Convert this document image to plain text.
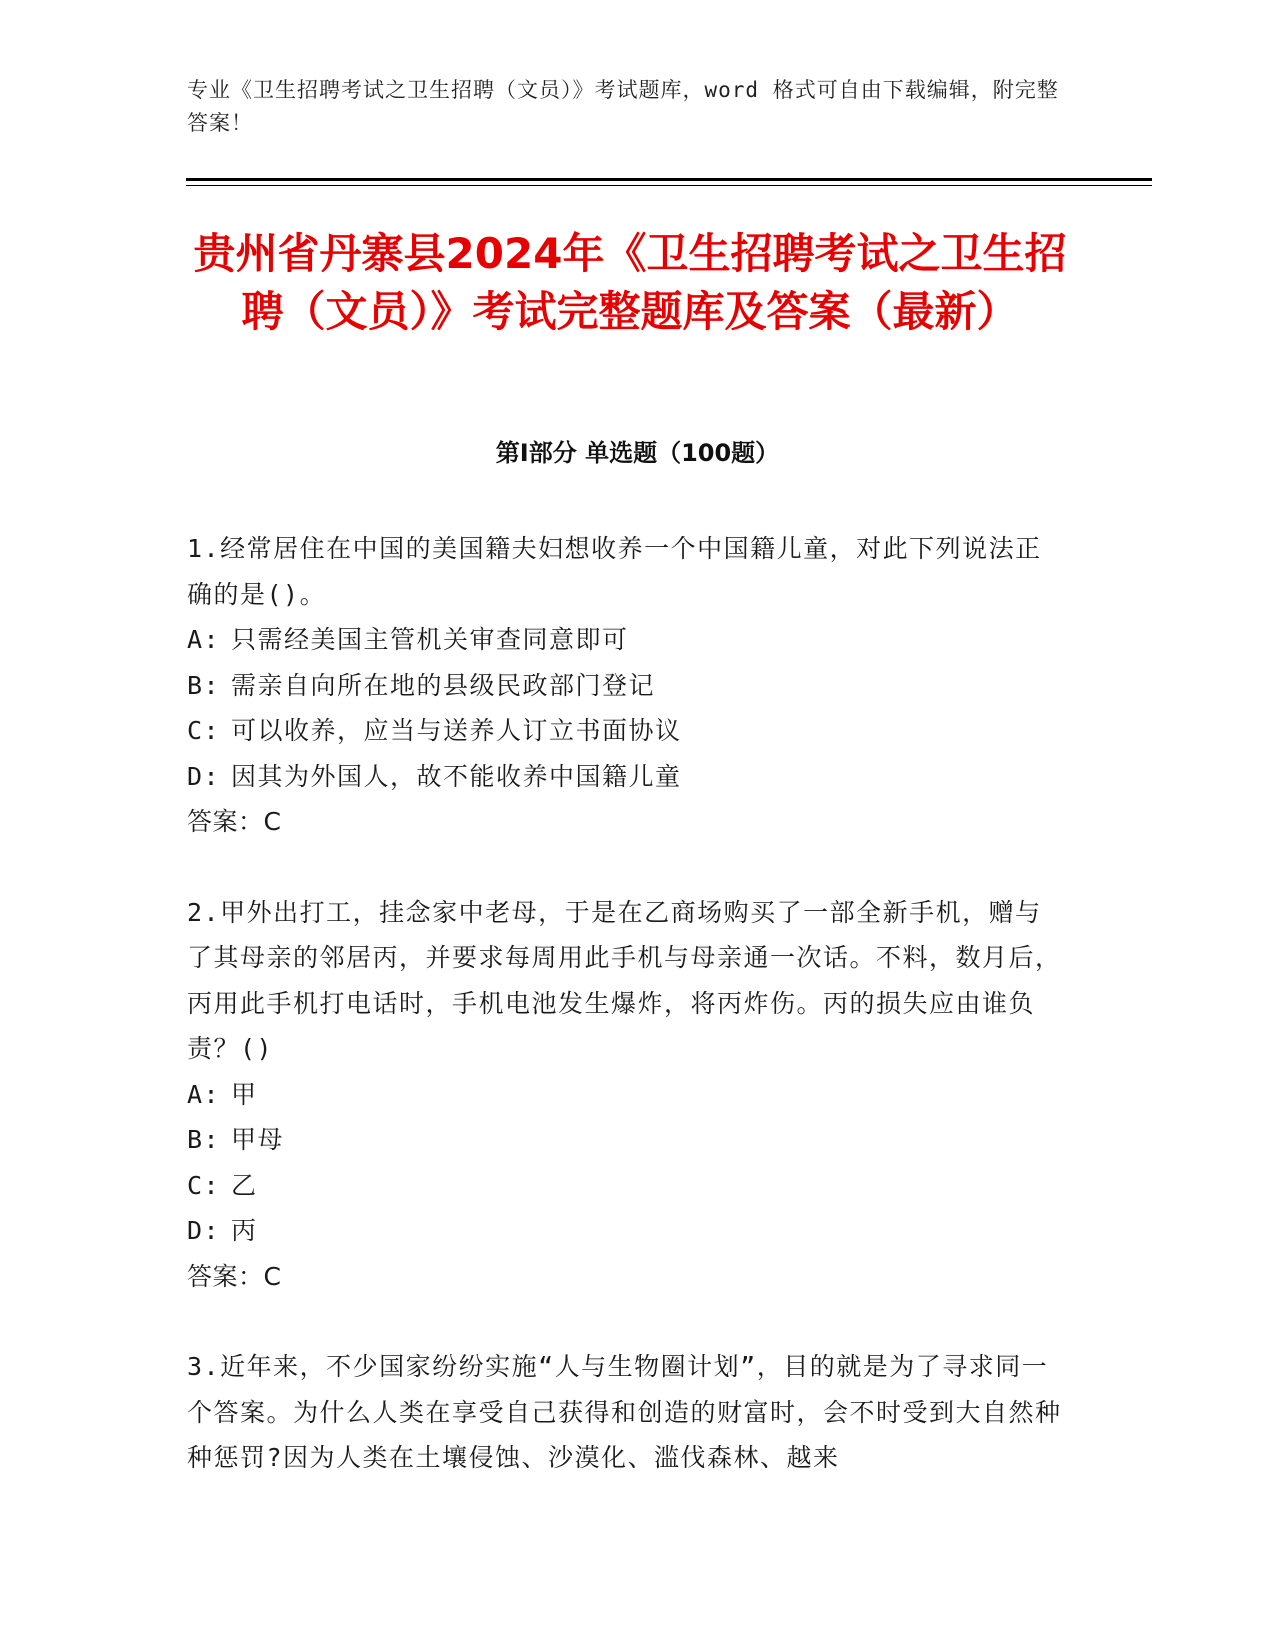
专业《卫生招聘考试之卫生招聘（文员）》考试题库，word 格式可自由下载编辑，附完整答案！
贵州省丹寨县2024年《卫生招聘考试之卫生招聘（文员）》考试完整题库及答案（最新）
第Ⅰ部分 单选题（100题）
1.经常居住在中国的美国籍夫妇想收养一个中国籍儿童，对此下列说法正确的是()。
A: 只需经美国主管机关审查同意即可
B: 需亲自向所在地的县级民政部门登记
C: 可以收养，应当与送养人订立书面协议
D: 因其为外国人，故不能收养中国籍儿童
答案：C
2.甲外出打工，挂念家中老母，于是在乙商场购买了一部全新手机，赠与了其母亲的邻居丙，并要求每周用此手机与母亲通一次话。不料，数月后，丙用此手机打电话时，手机电池发生爆炸，将丙炸伤。丙的损失应由谁负责？()
A: 甲
B: 甲母
C: 乙
D: 丙
答案：C
3.近年来，不少国家纷纷实施“人与生物圈计划”，目的就是为了寻求同一个答案。为什么人类在享受自己获得和创造的财富时，会不时受到大自然种种惩罚?因为人类在土壤侵蚀、沙漠化、滥伐森林、越来
